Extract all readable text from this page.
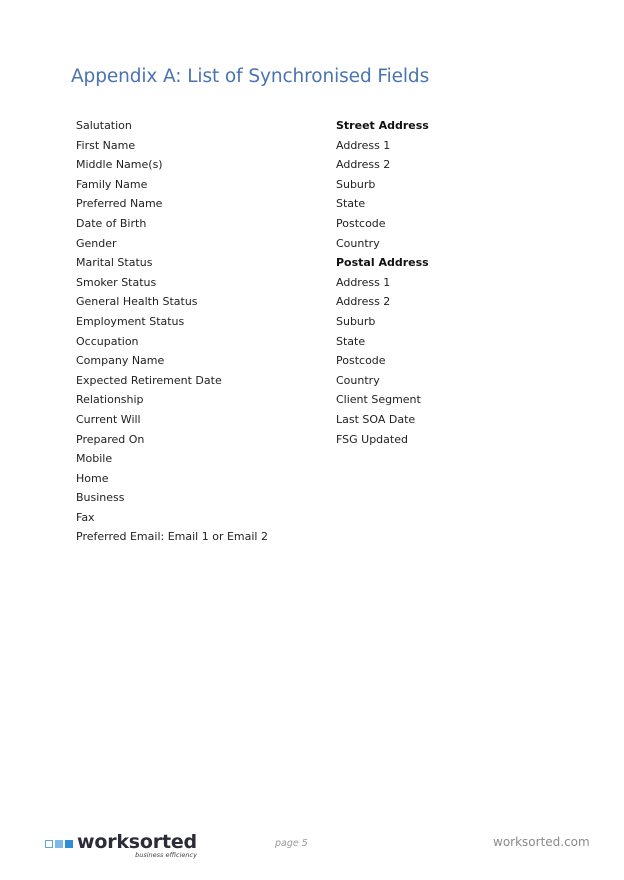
Appendix A: List of Synchronised Fields
Salutation
First Name
Middle Name(s)
Family Name
Preferred Name
Date of Birth
Gender
Marital Status
Smoker Status
General Health Status
Employment Status
Occupation
Company Name
Expected Retirement Date
Relationship
Current Will
Prepared On
Mobile
Home
Business
Fax
Preferred Email: Email 1 or Email 2
Street Address
Address 1
Address 2
Suburb
State
Postcode
Country
Postal Address
Address 1
Address 2
Suburb
State
Postcode
Country
Client Segment
Last SOA Date
FSG Updated
worksorted
business efficiency
page 5	worksorted.com
